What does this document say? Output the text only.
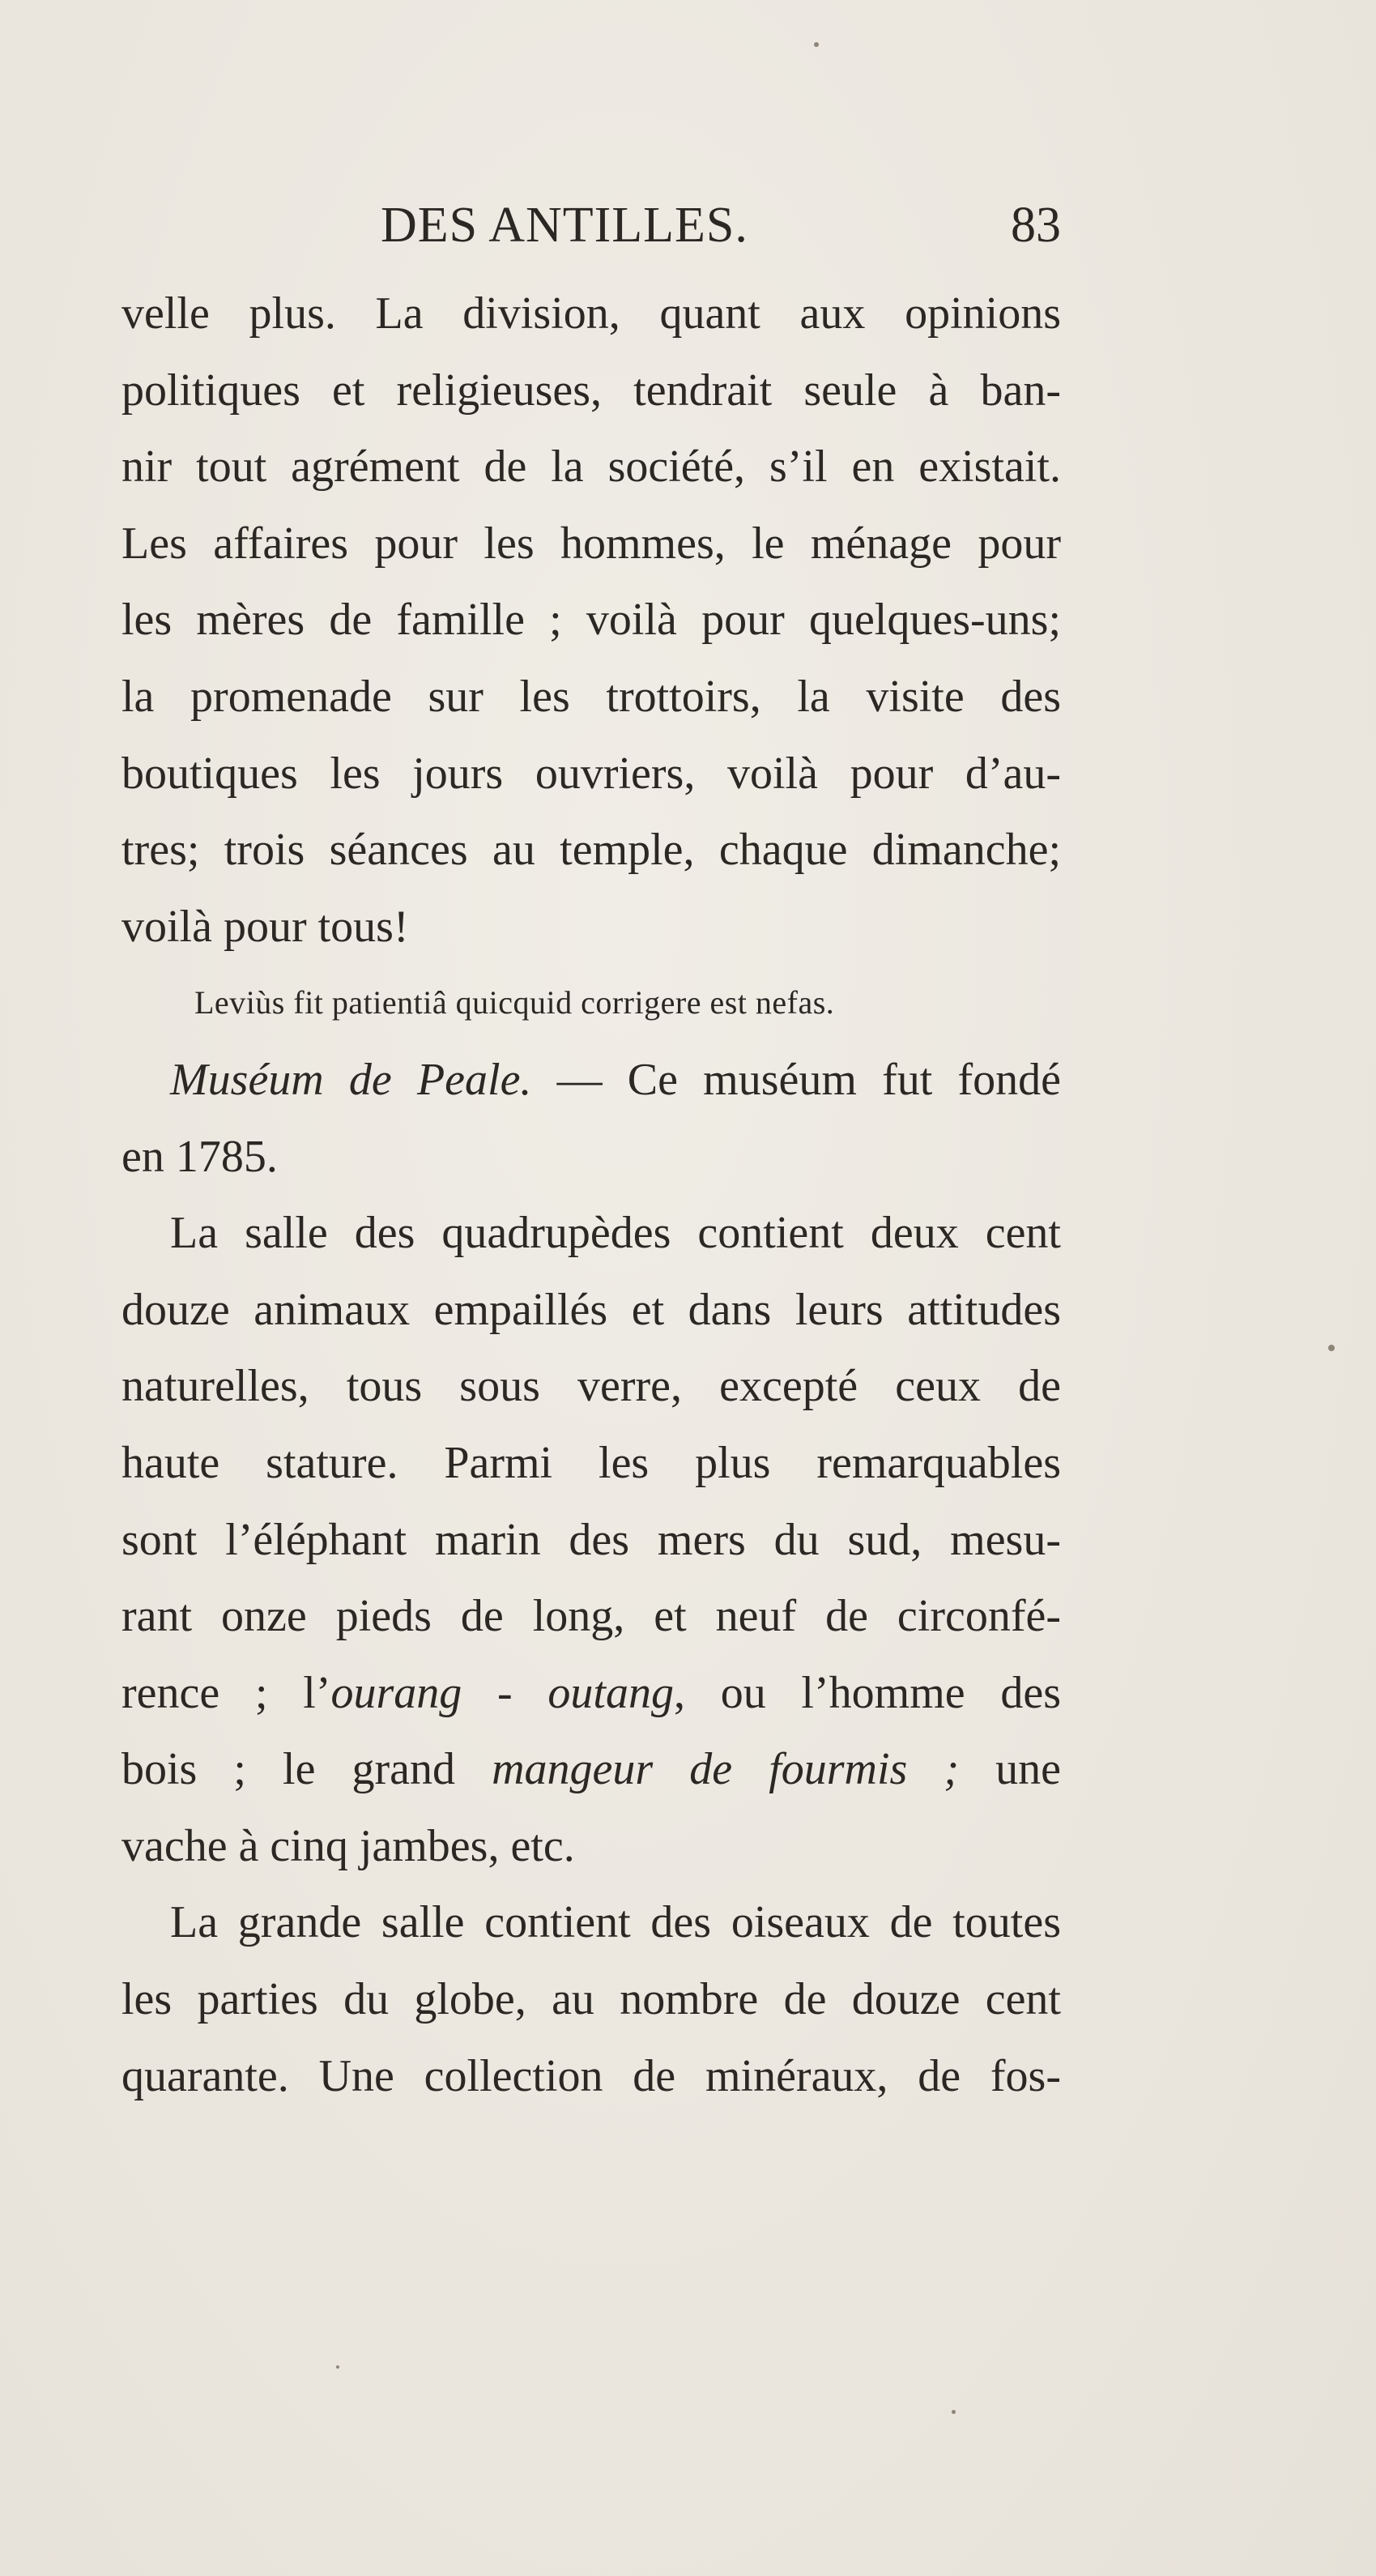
DES ANTILLES.	83
velle plus. La division, quant aux opinions
politiques et religieuses, tendrait seule à ban-
nir tout agrément de la société, s’il en existait.
Les affaires pour les hommes, le ménage pour
les mères de famille ; voilà pour quelques-uns;
la promenade sur les trottoirs, la visite des
boutiques les jours ouvriers, voilà pour d’au-
tres; trois séances au temple, chaque dimanche;
voilà pour tous!
Leviùs fit patientiâ quicquid corrigere est nefas.
Muséum de Peale. — Ce muséum fut fondé
en 1785.
La salle des quadrupèdes contient deux cent
douze animaux empaillés et dans leurs attitudes
naturelles, tous sous verre, excepté ceux de
haute stature. Parmi les plus remarquables
sont l’éléphant marin des mers du sud, mesu-
rant onze pieds de long, et neuf de circonfé-
rence ; l’ourang - outang, ou l’homme des
bois ; le grand mangeur de fourmis ; une
vache à cinq jambes, etc.
La grande salle contient des oiseaux de toutes
les parties du globe, au nombre de douze cent
quarante. Une collection de minéraux, de fos-
